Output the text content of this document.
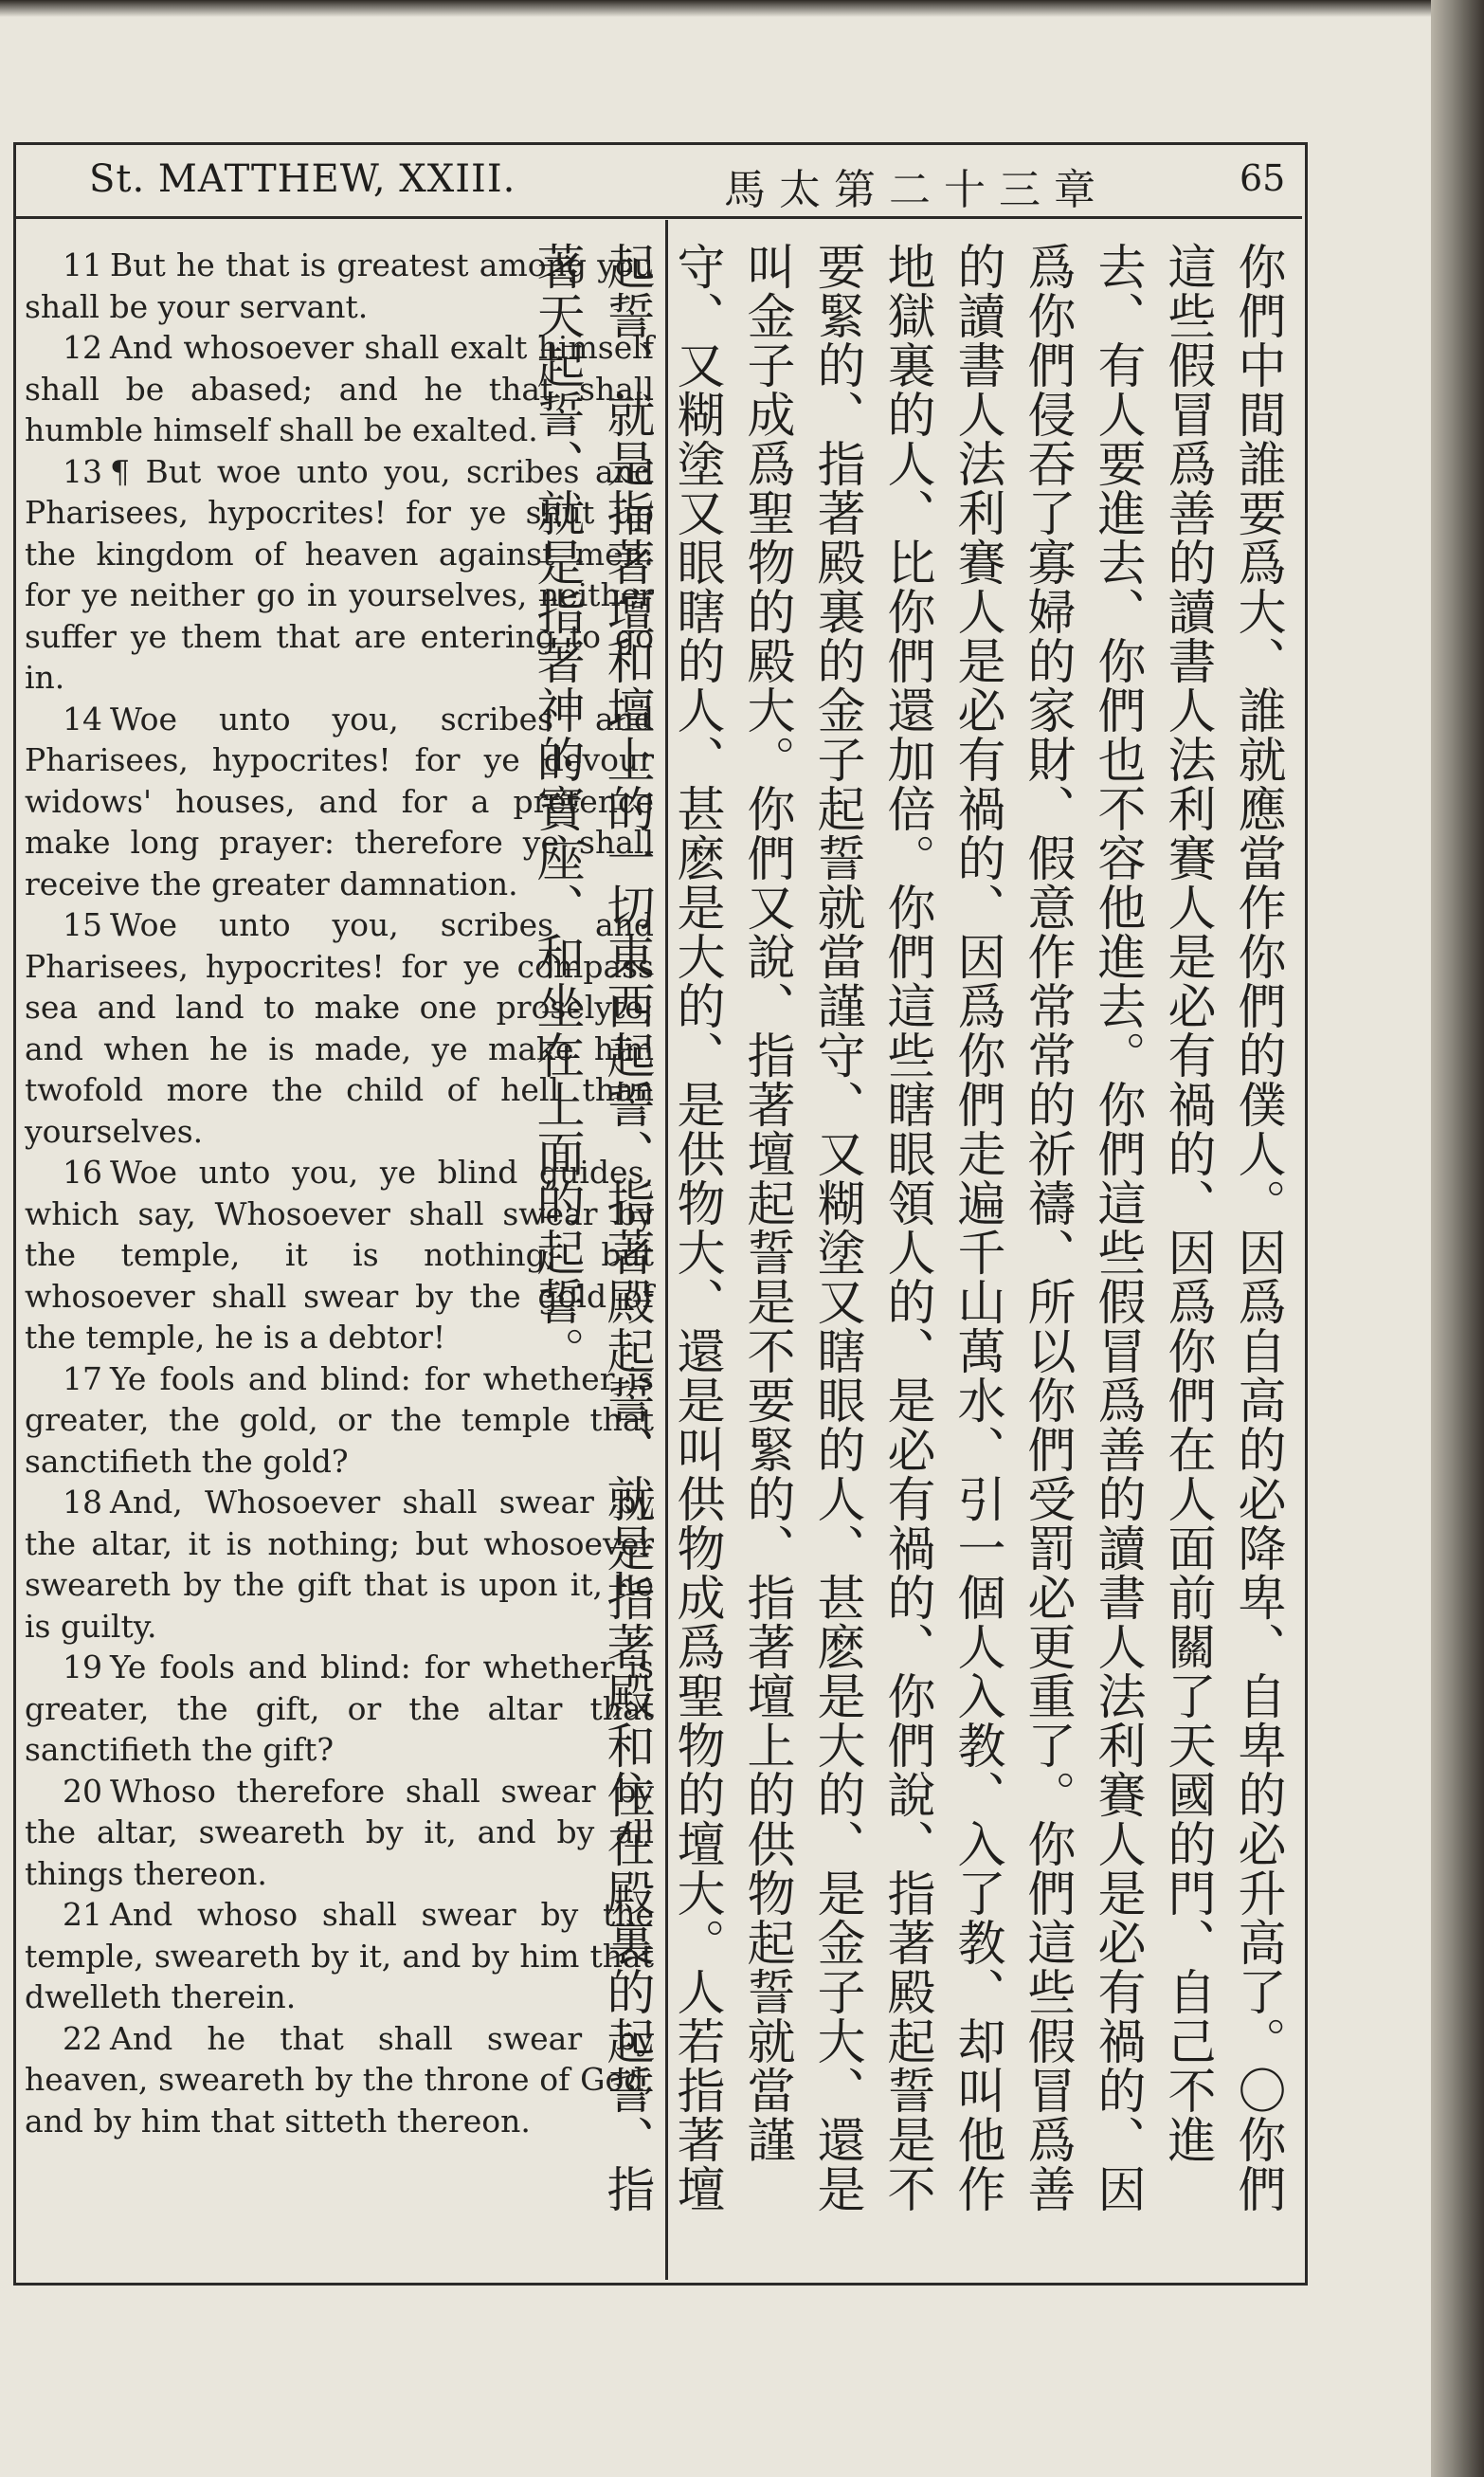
St. MATTHEW, XXIII.	馬太第二十三章	65

11 But he that is greatest among you shall be your servant.

12 And whosoever shall exalt himself shall be abased; and he that shall humble himself shall be exalted.

13 ¶ But woe unto you, scribes and Pharisees, hypocrites! for ye shut up the kingdom of heaven against men: for ye neither go in yourselves, neither suffer ye them that are entering to go in.

14 Woe unto you, scribes and Pharisees, hypocrites! for ye devour widows' houses, and for a pretence make long prayer: therefore ye shall receive the greater damnation.

15 Woe unto you, scribes and Pharisees, hypocrites! for ye compass sea and land to make one proselyte; and when he is made, ye make him twofold more the child of hell than yourselves.

16 Woe unto you, ye blind guides, which say, Whosoever shall swear by the temple, it is nothing; but whosoever shall swear by the gold of the temple, he is a debtor!

17 Ye fools and blind: for whether is greater, the gold, or the temple that sanctifieth the gold?

18 And, Whosoever shall swear by the altar, it is nothing; but whosoever sweareth by the gift that is upon it, he is guilty.

19 Ye fools and blind: for whether is greater, the gift, or the altar that sanctifieth the gift?

20 Whoso therefore shall swear by the altar, sweareth by it, and by all things thereon.

21 And whoso shall swear by the temple, sweareth by it, and by him that dwelleth therein.

22 And he that shall swear by heaven, sweareth by the throne of God, and by him that sitteth thereon.	你們中間誰要爲大、誰就應當作你們的僕人。因爲自高的必降卑、自卑的必升高了。〇你們這些假冒爲善的讀書人法利賽人是必有禍的、因爲你們在人面前關了天國的門、自己不進去、有人要進去、你們也不容他進去。你們這些假冒爲善的讀書人法利賽人是必有禍的、因爲你們侵吞了寡婦的家財、假意作常常的祈禱、所以你們受罰必更重了。你們這些假冒爲善的讀書人法利賽人是必有禍的、因爲你們走遍千山萬水、引一個人入教、入了教、却叫他作地獄裏的人、比你們還加倍。你們這些瞎眼領人的、是必有禍的、你們說、指著殿起誓是不要緊的、指著殿裏的金子起誓就當謹守、又糊塗又瞎眼的人、甚麽是大的、是金子大、還是叫金子成爲聖物的殿大。你們又說、指著壇起誓是不要緊的、指著壇上的供物起誓就當謹守、又糊塗又眼瞎的人、甚麽是大的、是供物大、還是叫供物成爲聖物的壇大。人若指著壇起誓、就是指著壇和壇上的一切東西起誓、指著殿起誓、就是指著殿和住在殿裏的起誓、指著天起誓、就是指著神的寶座、和坐在上面的起誓。
